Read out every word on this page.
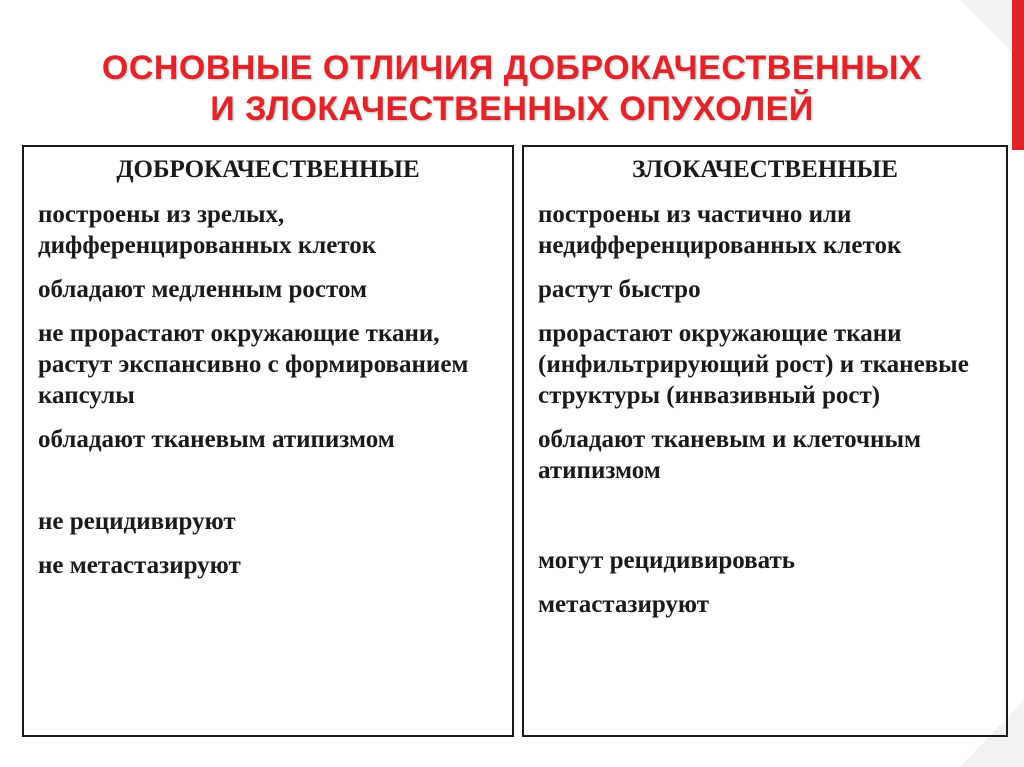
ОСНОВНЫЕ ОТЛИЧИЯ ДОБРОКАЧЕСТВЕННЫХ
И ЗЛОКАЧЕСТВЕННЫХ ОПУХОЛЕЙ
ДОБРОКАЧЕСТВЕННЫЕ
построены из зрелых, дифференцированных клеток
обладают медленным ростом
не прорастают окружающие ткани, растут экспансивно с формированием капсулы
обладают тканевым атипизмом
не рецидивируют
не метастазируют
ЗЛОКАЧЕСТВЕННЫЕ
построены из частично или недифференцированных клеток
растут быстро
прорастают окружающие ткани (инфильтрирующий рост) и тканевые структуры (инвазивный рост)
обладают тканевым и клеточным атипизмом
могут рецидивировать
метастазируют
